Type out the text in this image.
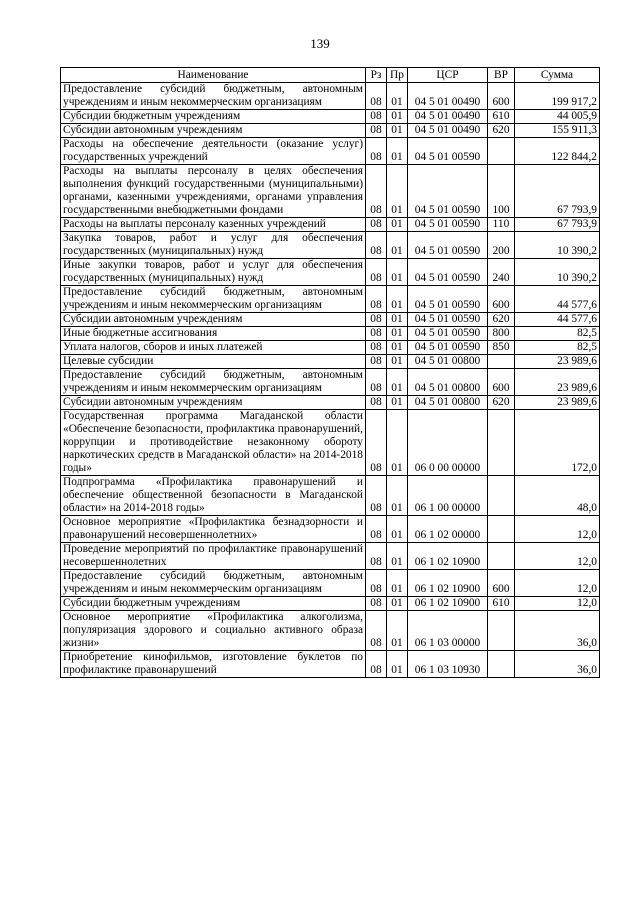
139
Наименование	Рз	Пр	ЦСР	ВР	Сумма
Предоставление субсидий бюджетным, автономным учреждениям и иным некоммерческим организациям	08	01	04 5 01 00490	600	199 917,2
Субсидии бюджетным учреждениям	08	01	04 5 01 00490	610	44 005,9
Субсидии автономным учреждениям	08	01	04 5 01 00490	620	155 911,3
Расходы на обеспечение деятельности (оказание услуг) государственных учреждений	08	01	04 5 01 00590		122 844,2
Расходы на выплаты персоналу в целях обеспечения выполнения функций государственными (муниципальными) органами, казенными учреждениями, органами управления государственными внебюджетными фондами	08	01	04 5 01 00590	100	67 793,9
Расходы на выплаты персоналу казенных учреждений	08	01	04 5 01 00590	110	67 793,9
Закупка товаров, работ и услуг для обеспечения государственных (муниципальных) нужд	08	01	04 5 01 00590	200	10 390,2
Иные закупки товаров, работ и услуг для обеспечения государственных (муниципальных) нужд	08	01	04 5 01 00590	240	10 390,2
Предоставление субсидий бюджетным, автономным учреждениям и иным некоммерческим организациям	08	01	04 5 01 00590	600	44 577,6
Субсидии автономным учреждениям	08	01	04 5 01 00590	620	44 577,6
Иные бюджетные ассигнования	08	01	04 5 01 00590	800	82,5
Уплата налогов, сборов и иных платежей	08	01	04 5 01 00590	850	82,5
Целевые субсидии	08	01	04 5 01 00800		23 989,6
Предоставление субсидий бюджетным, автономным учреждениям и иным некоммерческим организациям	08	01	04 5 01 00800	600	23 989,6
Субсидии автономным учреждениям	08	01	04 5 01 00800	620	23 989,6
Государственная программа Магаданской области «Обеспечение безопасности, профилактика правонарушений, коррупции и противодействие незаконному обороту наркотических средств в Магаданской области» на 2014-2018 годы»	08	01	06 0 00 00000		172,0
Подпрограмма «Профилактика правонарушений и обеспечение общественной безопасности в Магаданской области» на 2014-2018 годы»	08	01	06 1 00 00000		48,0
Основное мероприятие «Профилактика безнадзорности и правонарушений несовершеннолетних»	08	01	06 1 02 00000		12,0
Проведение мероприятий по профилактике правонарушений несовершеннолетних	08	01	06 1 02 10900		12,0
Предоставление субсидий бюджетным, автономным учреждениям и иным некоммерческим организациям	08	01	06 1 02 10900	600	12,0
Субсидии бюджетным учреждениям	08	01	06 1 02 10900	610	12,0
Основное мероприятие «Профилактика алкоголизма, популяризация здорового и социально активного образа жизни»	08	01	06 1 03 00000		36,0
Приобретение кинофильмов, изготовление буклетов по профилактике правонарушений	08	01	06 1 03 10930		36,0
